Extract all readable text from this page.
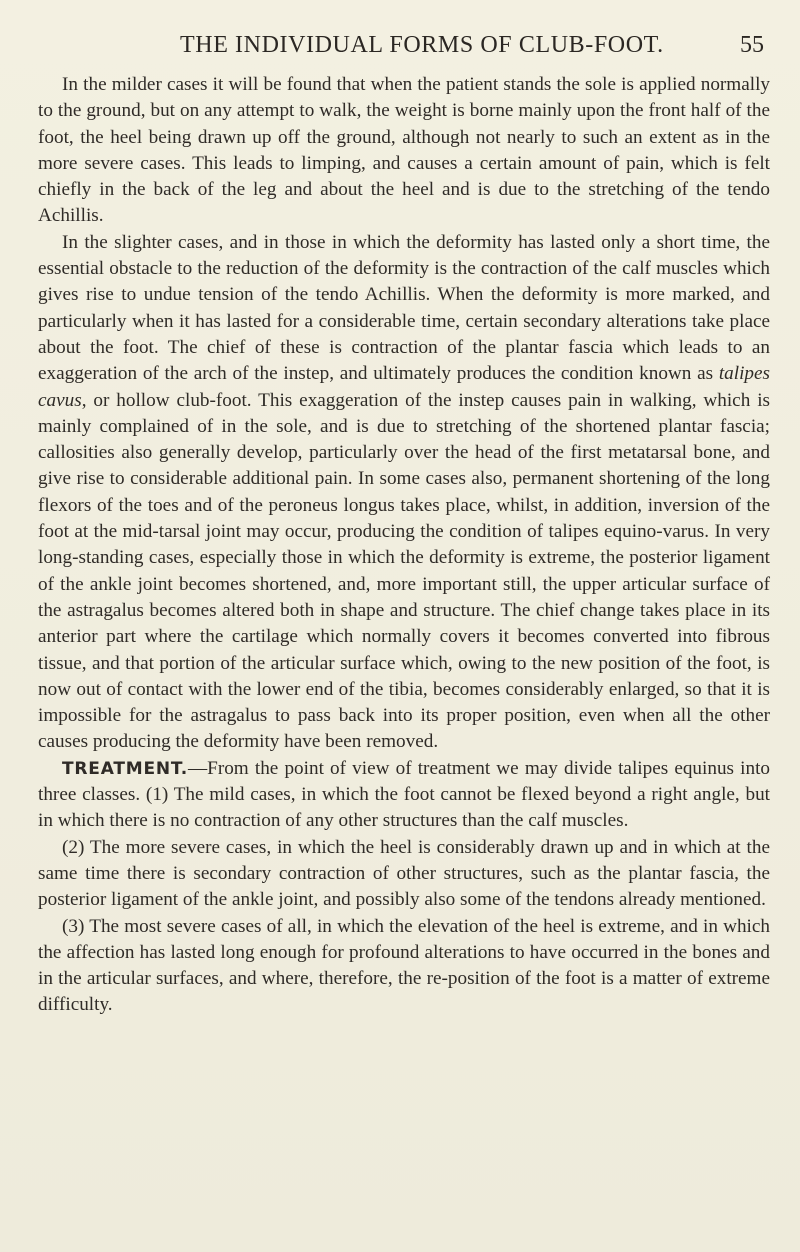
THE INDIVIDUAL FORMS OF CLUB-FOOT.	55

In the milder cases it will be found that when the patient stands the sole is applied normally to the ground, but on any attempt to walk, the weight is borne mainly upon the front half of the foot, the heel being drawn up off the ground, although not nearly to such an extent as in the more severe cases. This leads to limping, and causes a certain amount of pain, which is felt chiefly in the back of the leg and about the heel and is due to the stretching of the tendo Achillis.

In the slighter cases, and in those in which the deformity has lasted only a short time, the essential obstacle to the reduction of the deformity is the contraction of the calf muscles which gives rise to undue tension of the tendo Achillis. When the deformity is more marked, and particularly when it has lasted for a considerable time, certain secondary alterations take place about the foot. The chief of these is contraction of the plantar fascia which leads to an exaggeration of the arch of the instep, and ultimately produces the condition known as talipes cavus, or hollow club-foot. This exaggeration of the instep causes pain in walking, which is mainly complained of in the sole, and is due to stretching of the shortened plantar fascia; callosities also generally develop, particularly over the head of the first metatarsal bone, and give rise to considerable additional pain. In some cases also, permanent shortening of the long flexors of the toes and of the peroneus longus takes place, whilst, in addition, inversion of the foot at the mid-tarsal joint may occur, producing the condition of talipes equino-varus. In very long-standing cases, especially those in which the deformity is extreme, the posterior ligament of the ankle joint becomes shortened, and, more important still, the upper articular surface of the astragalus becomes altered both in shape and structure. The chief change takes place in its anterior part where the cartilage which normally covers it becomes converted into fibrous tissue, and that portion of the articular surface which, owing to the new position of the foot, is now out of contact with the lower end of the tibia, becomes considerably enlarged, so that it is impossible for the astragalus to pass back into its proper position, even when all the other causes producing the deformity have been removed.

TREATMENT.—From the point of view of treatment we may divide talipes equinus into three classes. (1) The mild cases, in which the foot cannot be flexed beyond a right angle, but in which there is no contraction of any other structures than the calf muscles.

(2) The more severe cases, in which the heel is considerably drawn up and in which at the same time there is secondary contraction of other structures, such as the plantar fascia, the posterior ligament of the ankle joint, and possibly also some of the tendons already mentioned.

(3) The most severe cases of all, in which the elevation of the heel is extreme, and in which the affection has lasted long enough for profound alterations to have occurred in the bones and in the articular surfaces, and where, therefore, the re-position of the foot is a matter of extreme difficulty.
